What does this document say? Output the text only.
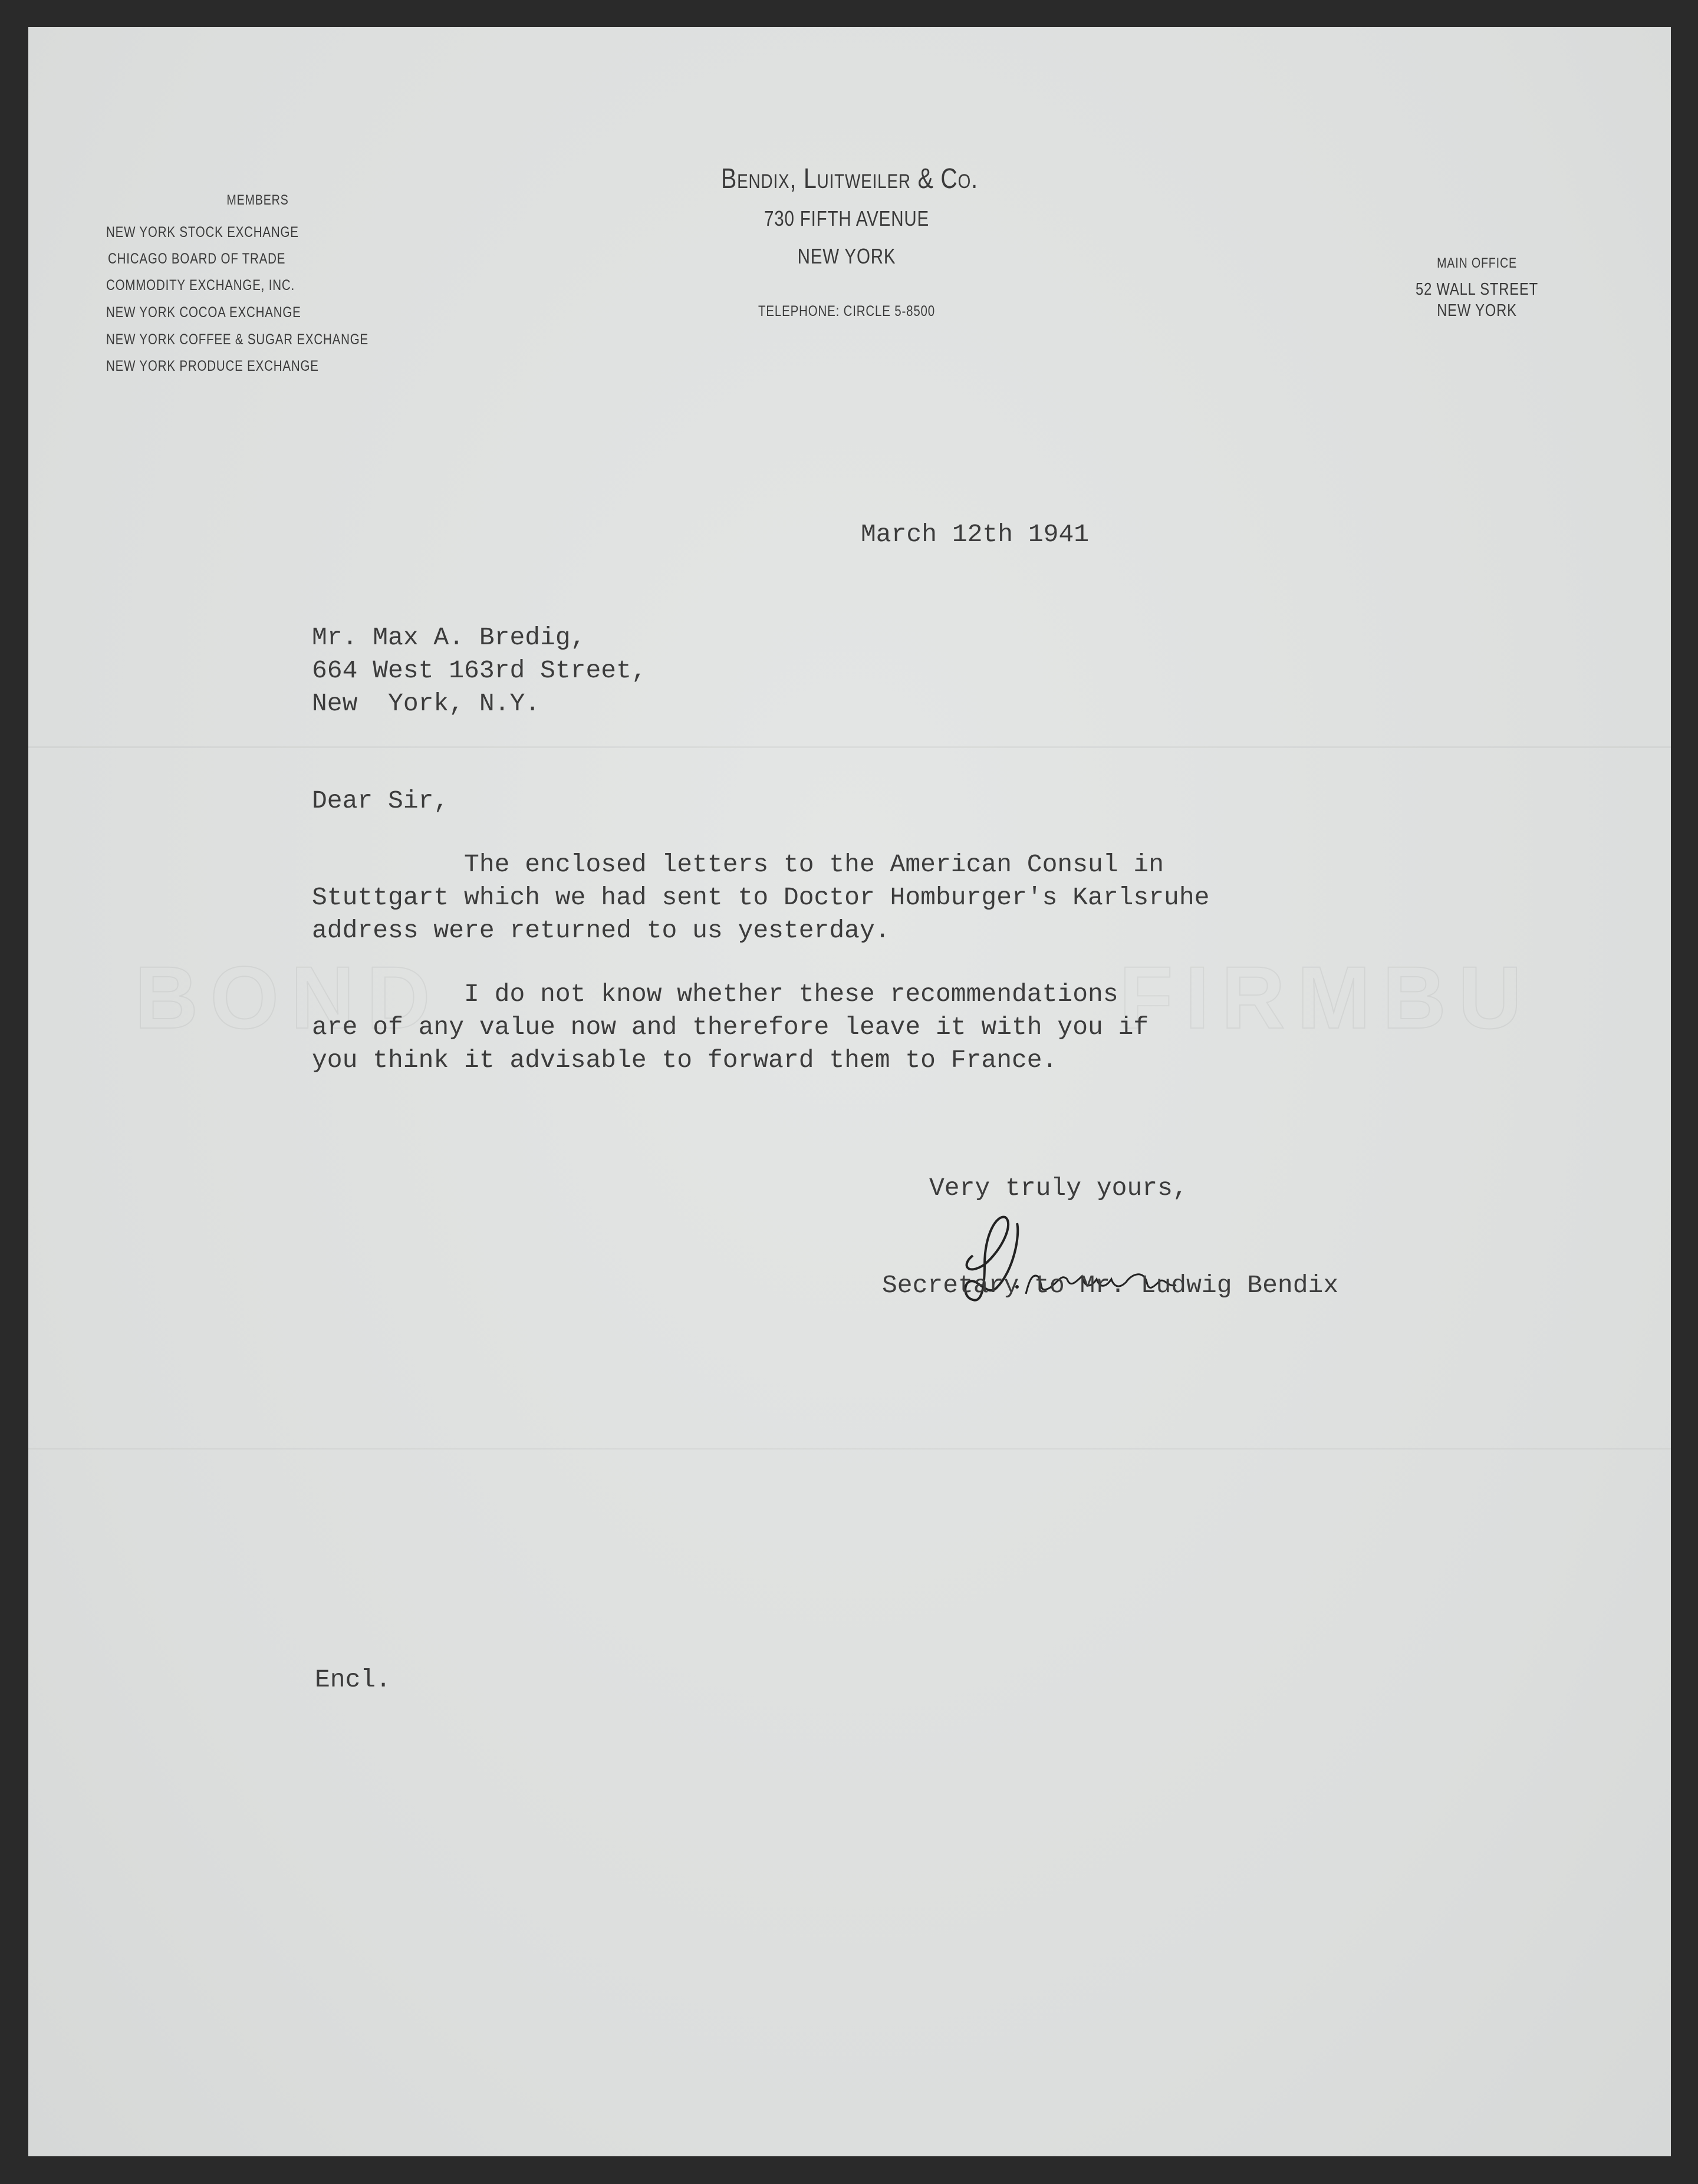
BOND	FIRMBU
Bendix, Luitweiler & Co.
730 FIFTH AVENUE
NEW YORK
TELEPHONE: CIRCLE 5-8500
MEMBERS
NEW YORK STOCK EXCHANGE
CHICAGO BOARD OF TRADE
COMMODITY EXCHANGE, INC.
NEW YORK COCOA EXCHANGE
NEW YORK COFFEE & SUGAR EXCHANGE
NEW YORK PRODUCE EXCHANGE
MAIN OFFICE
52 WALL STREET
NEW YORK
March 12th 1941
Mr. Max A. Bredig,
664 West 163rd Street,
New  York, N.Y.
Dear Sir,
The enclosed letters to the American Consul in
Stuttgart which we had sent to Doctor Homburger's Karlsruhe
address were returned to us yesterday.
I do not know whether these recommendations
are of any value now and therefore leave it with you if
you think it advisable to forward them to France.
Very truly yours,
Secretary to Mr. Ludwig Bendix
Encl.
